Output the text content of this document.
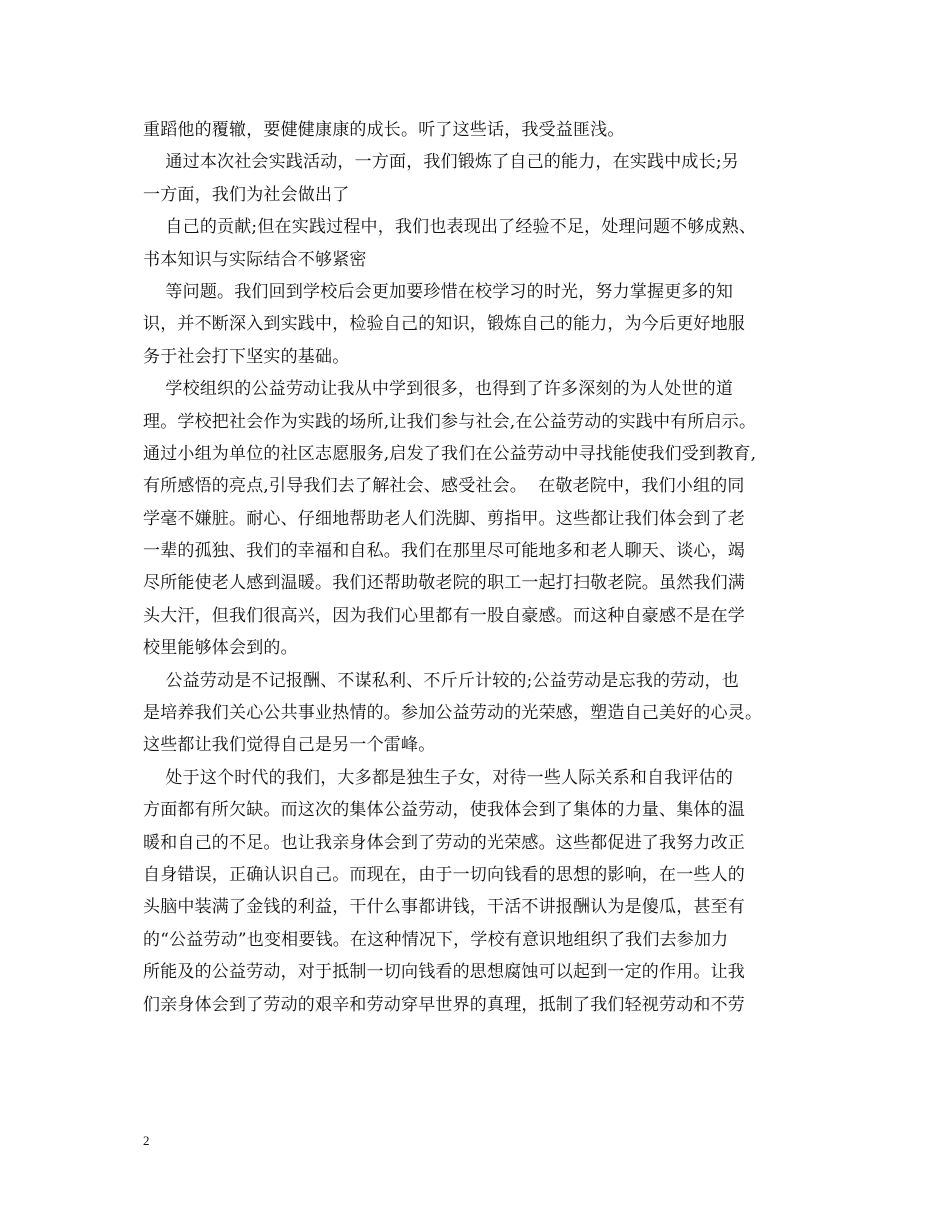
重蹈他的覆辙，要健健康康的成长。听了这些话，我受益匪浅。
通过本次社会实践活动，一方面，我们锻炼了自己的能力，在实践中成长;另
一方面，我们为社会做出了
自己的贡献;但在实践过程中，我们也表现出了经验不足，处理问题不够成熟、
书本知识与实际结合不够紧密
等问题。我们回到学校后会更加要珍惜在校学习的时光，努力掌握更多的知
识，并不断深入到实践中，检验自己的知识，锻炼自己的能力，为今后更好地服
务于社会打下坚实的基础。
学校组织的公益劳动让我从中学到很多，也得到了许多深刻的为人处世的道
理。学校把社会作为实践的场所,让我们参与社会,在公益劳动的实践中有所启示。
通过小组为单位的社区志愿服务,启发了我们在公益劳动中寻找能使我们受到教育,
有所感悟的亮点,引导我们去了解社会、感受社会。  在敬老院中，我们小组的同
学毫不嫌脏。耐心、仔细地帮助老人们洗脚、剪指甲。这些都让我们体会到了老
一辈的孤独、我们的幸福和自私。我们在那里尽可能地多和老人聊天、谈心，竭
尽所能使老人感到温暖。我们还帮助敬老院的职工一起打扫敬老院。虽然我们满
头大汗，但我们很高兴，因为我们心里都有一股自豪感。而这种自豪感不是在学
校里能够体会到的。
公益劳动是不记报酬、不谋私利、不斤斤计较的;公益劳动是忘我的劳动，也
是培养我们关心公共事业热情的。参加公益劳动的光荣感，塑造自己美好的心灵。
这些都让我们觉得自己是另一个雷峰。
处于这个时代的我们，大多都是独生子女，对待一些人际关系和自我评估的
方面都有所欠缺。而这次的集体公益劳动，使我体会到了集体的力量、集体的温
暖和自己的不足。也让我亲身体会到了劳动的光荣感。这些都促进了我努力改正
自身错误，正确认识自己。而现在，由于一切向钱看的思想的影响，在一些人的
头脑中装满了金钱的利益，干什么事都讲钱，干活不讲报酬认为是傻瓜，甚至有
的“公益劳动”也变相要钱。在这种情况下，学校有意识地组织了我们去参加力
所能及的公益劳动，对于抵制一切向钱看的思想腐蚀可以起到一定的作用。让我
们亲身体会到了劳动的艰辛和劳动穿早世界的真理，抵制了我们轻视劳动和不劳
2
